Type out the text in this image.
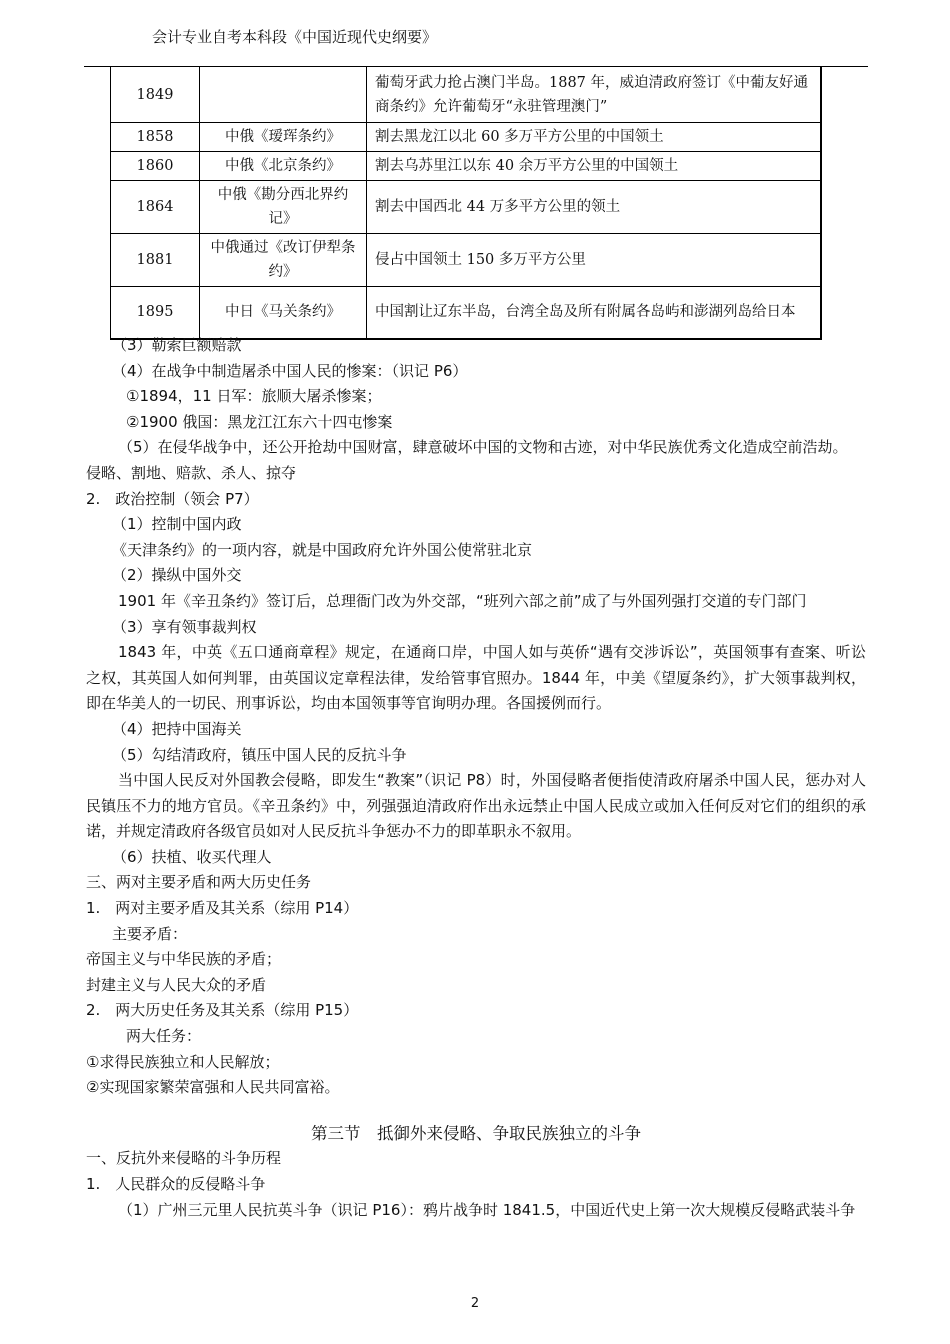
会计专业自考本科段《中国近现代史纲要》
1849		葡萄牙武力抢占澳门半岛。1887 年，威迫清政府签订《中葡友好通商条约》允许葡萄牙“永驻管理澳门”
1858	中俄《瑷珲条约》	割去黑龙江以北 60 多万平方公里的中国领土
1860	中俄《北京条约》	割去乌苏里江以东 40 余万平方公里的中国领土
1864	中俄《勘分西北界约记》	割去中国西北 44 万多平方公里的领土
1881	中俄通过《改订伊犁条约》	侵占中国领土 150 多万平方公里
1895	中日《马关条约》	中国割让辽东半岛，台湾全岛及所有附属各岛屿和澎湖列岛给日本

（3）勒索巨额赔款

（4）在战争中制造屠杀中国人民的惨案：（识记 P6）

①1894，11 日军：旅顺大屠杀惨案；

②1900 俄国：黑龙江江东六十四屯惨案

（5）在侵华战争中，还公开抢劫中国财富，肆意破坏中国的文物和古迹，对中华民族优秀文化造成空前浩劫。

侵略、割地、赔款、杀人、掠夺

2.　政治控制（领会 P7）

（1）控制中国内政

《天津条约》的一项内容，就是中国政府允许外国公使常驻北京

（2）操纵中国外交

1901 年《辛丑条约》签订后，总理衙门改为外交部，“班列六部之前”成了与外国列强打交道的专门部门

（3）享有领事裁判权

1843 年，中英《五口通商章程》规定，在通商口岸，中国人如与英侨“遇有交涉诉讼”，英国领事有查案、听讼之权，其英国人如何判罪，由英国议定章程法律，发给管事官照办。1844 年，中美《望厦条约》，扩大领事裁判权，即在华美人的一切民、刑事诉讼，均由本国领事等官询明办理。各国援例而行。

（4）把持中国海关

（5）勾结清政府，镇压中国人民的反抗斗争

当中国人民反对外国教会侵略，即发生“教案”（识记 P8）时，外国侵略者便指使清政府屠杀中国人民，惩办对人民镇压不力的地方官员。《辛丑条约》中，列强强迫清政府作出永远禁止中国人民成立或加入任何反对它们的组织的承诺，并规定清政府各级官员如对人民反抗斗争惩办不力的即革职永不叙用。

（6）扶植、收买代理人

三、两对主要矛盾和两大历史任务

1.　两对主要矛盾及其关系（综用 P14）

主要矛盾：

帝国主义与中华民族的矛盾；

封建主义与人民大众的矛盾

2.　两大历史任务及其关系（综用 P15）

两大任务：

①求得民族独立和人民解放；

②实现国家繁荣富强和人民共同富裕。

第三节　抵御外来侵略、争取民族独立的斗争

一、反抗外来侵略的斗争历程

1.　人民群众的反侵略斗争

（1）广州三元里人民抗英斗争（识记 P16）：鸦片战争时 1841.5，中国近代史上第一次大规模反侵略武装斗争

2
